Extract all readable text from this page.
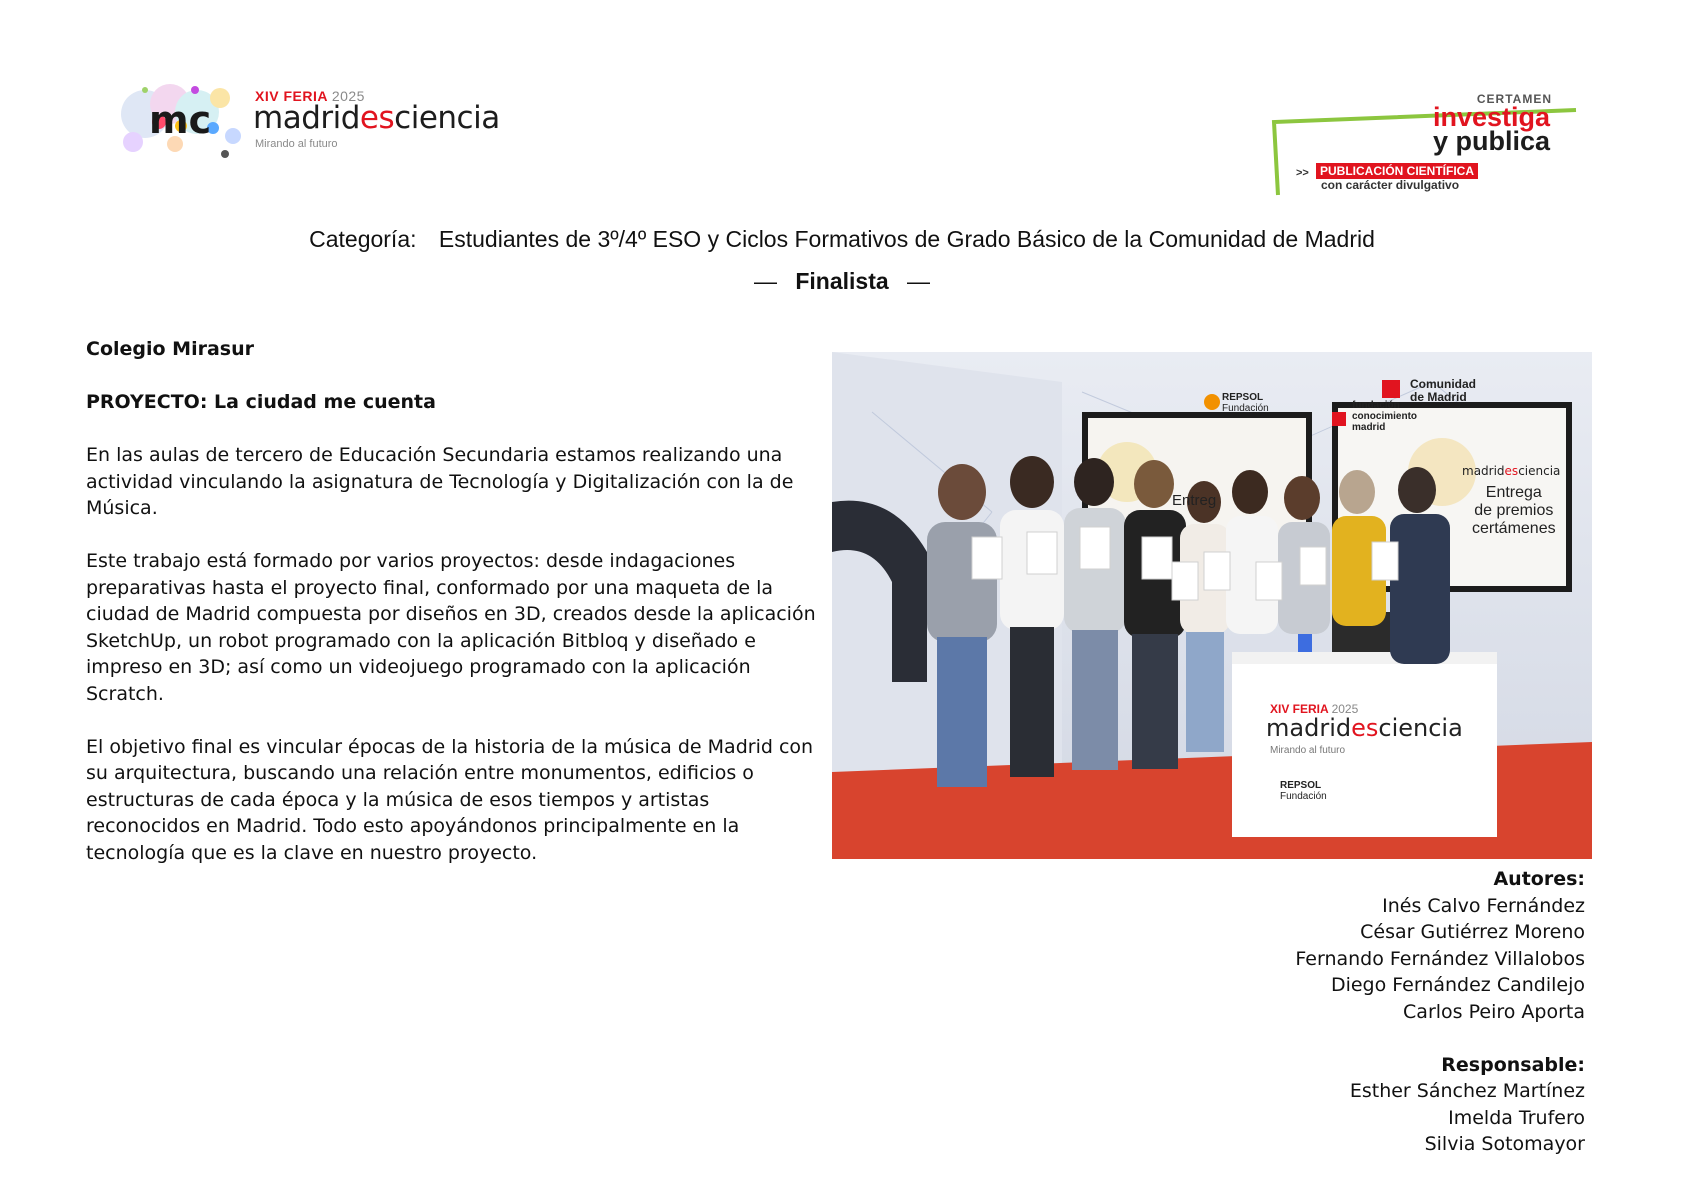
mc
XIV FERIA 2025
madridesciencia
Mirando al futuro
CERTAMEN
investiga
y publica
>> PUBLICACIÓN CIENTÍFICA
con carácter divulgativo
Categoría: Estudiantes de 3º/4º ESO y Ciclos Formativos de Grado Básico de la Comunidad de Madrid
— Finalista —

Colegio Mirasur

PROYECTO: La ciudad me cuenta

En las aulas de tercero de Educación Secundaria estamos realizando una actividad vinculando la asignatura de Tecnología y Digitalización con la de Música.

Este trabajo está formado por varios proyectos: desde indagaciones preparativas hasta el proyecto final, conformado por una maqueta de la ciudad de Madrid compuesta por diseños en 3D, creados desde la aplicación SketchUp, un robot programado con la aplicación Bitbloq y diseñado e impreso en 3D; así como un videojuego programado con la aplicación Scratch.

El objetivo final es vincular épocas de la historia de la música de Madrid con su arquitectura, buscando una relación entre monumentos, edificios o estructuras de cada época y la música de esos tiempos y artistas reconocidos en Madrid. Todo esto apoyándonos principalmente en la tecnología que es la clave en nuestro proyecto.

REPSOL
Fundación	fundación
conocimiento
madrid
Comunidad
de Madrid
Entreg
madridesciencia
Entrega
de premios
certámenes
XIV FERIA 2025
madridesciencia
Mirando al futuro
REPSOL
Fundación
Autores:
Inés Calvo Fernández
César Gutiérrez Moreno
Fernando Fernández Villalobos
Diego Fernández Candilejo
Carlos Peiro Aporta
Responsable:
Esther Sánchez Martínez
Imelda Trufero
Silvia Sotomayor
